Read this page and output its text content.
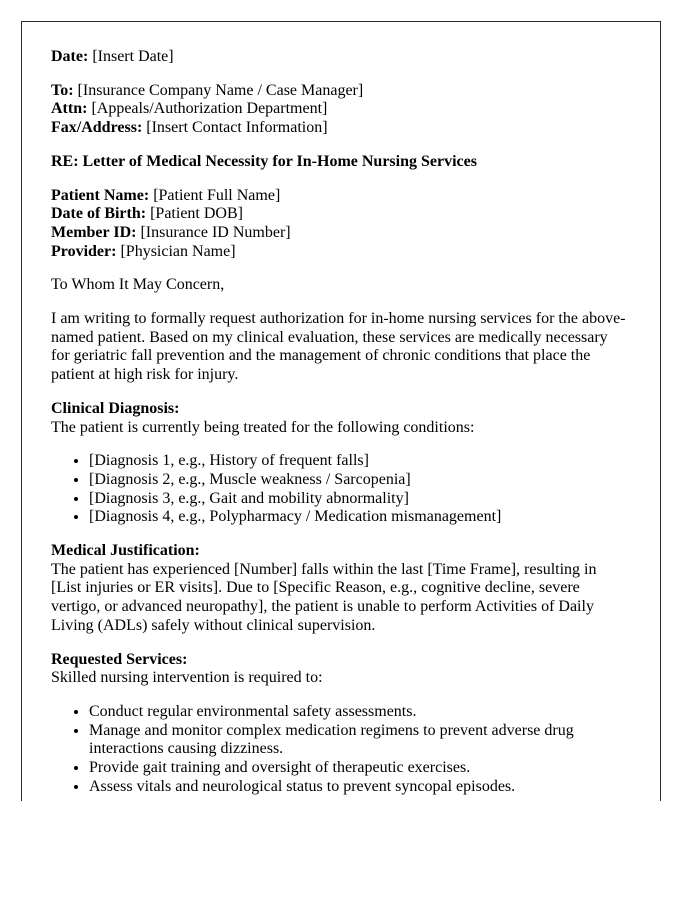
Date: [Insert Date]

To: [Insurance Company Name / Case Manager]

Attn: [Appeals/Authorization Department]

Fax/Address: [Insert Contact Information]

RE: Letter of Medical Necessity for In-Home Nursing Services

Patient Name: [Patient Full Name]

Date of Birth: [Patient DOB]

Member ID: [Insurance ID Number]

Provider: [Physician Name]

To Whom It May Concern,

I am writing to formally request authorization for in-home nursing services for the above-named patient. Based on my clinical evaluation, these services are medically necessary for geriatric fall prevention and the management of chronic conditions that place the patient at high risk for injury.

Clinical Diagnosis:

The patient is currently being treated for the following conditions:

• [Diagnosis 1, e.g., History of frequent falls]
• [Diagnosis 2, e.g., Muscle weakness / Sarcopenia]
• [Diagnosis 3, e.g., Gait and mobility abnormality]
• [Diagnosis 4, e.g., Polypharmacy / Medication mismanagement]

Medical Justification:

The patient has experienced [Number] falls within the last [Time Frame], resulting in [List injuries or ER visits]. Due to [Specific Reason, e.g., cognitive decline, severe vertigo, or advanced neuropathy], the patient is unable to perform Activities of Daily Living (ADLs) safely without clinical supervision.

Requested Services:

Skilled nursing intervention is required to:

• Conduct regular environmental safety assessments.
• Manage and monitor complex medication regimens to prevent adverse drug interactions causing dizziness.
• Provide gait training and oversight of therapeutic exercises.
• Assess vitals and neurological status to prevent syncopal episodes.
